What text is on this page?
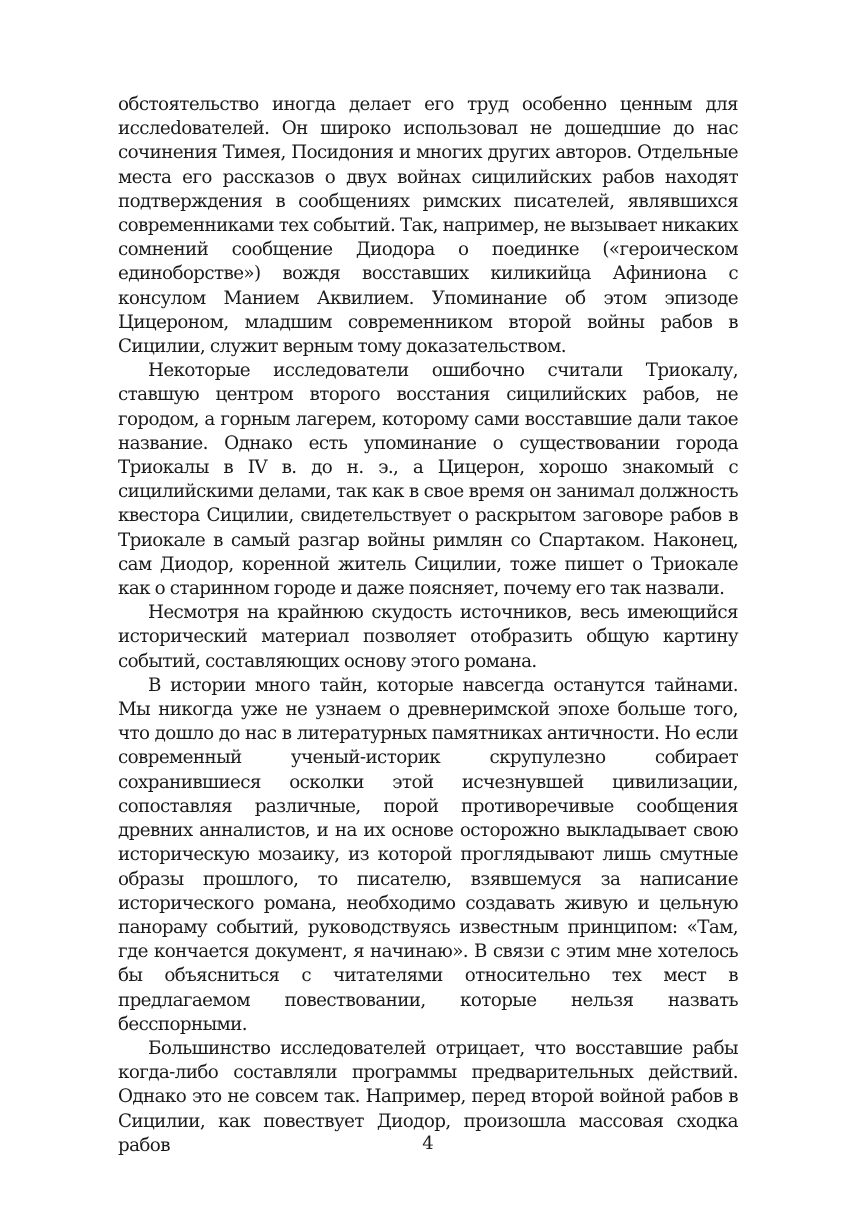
обстоятельство иногда делает его труд особенно ценным для исслеdователей. Он широко использовал не дошедшие до нас сочинения Тимея, Посидония и многих других авторов. Отдельные места его рассказов о двух войнах сицилийских рабов находят подтверждения в сообщениях римских писателей, являвшихся современниками тех событий. Так, например, не вызывает никаких сомнений сообщение Диодора о поединке («героическом единоборстве») вождя восставших киликийца Афиниона с консулом Манием Аквилием. Упоминание об этом эпизоде Цицероном, младшим современником второй войны рабов в Сицилии, служит верным тому доказательством.

Некоторые исследователи ошибочно считали Триокалу, ставшую центром второго восстания сицилийских рабов, не городом, а горным лагерем, которому сами восставшие дали такое название. Однако есть упоминание о существовании города Триокалы в IV в. до н. э., а Цицерон, хорошо знакомый с сицилийскими делами, так как в свое время он занимал должность квестора Сицилии, свидетельствует о раскрытом заговоре рабов в Триокале в самый разгар войны римлян со Спартаком. Наконец, сам Диодор, коренной житель Сицилии, тоже пишет о Триокале как о старинном городе и даже поясняет, почему его так назвали.

Несмотря на крайнюю скудость источников, весь имеющийся исторический материал позволяет отобразить общую картину событий, составляющих основу этого романа.

В истории много тайн, которые навсегда останутся тайнами. Мы никогда уже не узнаем о древнеримской эпохе больше того, что дошло до нас в литературных памятниках античности. Но если современный ученый-историк скрупулезно собирает сохранившиеся осколки этой исчезнувшей цивилизации, сопоставляя различные, порой противоречивые сообщения древних анналистов, и на их основе осторожно выкладывает свою историческую мозаику, из которой проглядывают лишь смутные образы прошлого, то писателю, взявшемуся за написание исторического романа, необходимо создавать живую и цельную панораму событий, руководствуясь известным принципом: «Там, где кончается документ, я начинаю». В связи с этим мне хотелось бы объясниться с читателями относительно тех мест в предлагаемом повествовании, которые нельзя назвать бесспорными.

Большинство исследователей отрицает, что восставшие рабы когда-либо составляли программы предварительных действий. Однако это не совсем так. Например, перед второй войной рабов в Сицилии, как повествует Диодор, произошла массовая сходка рабов	4
